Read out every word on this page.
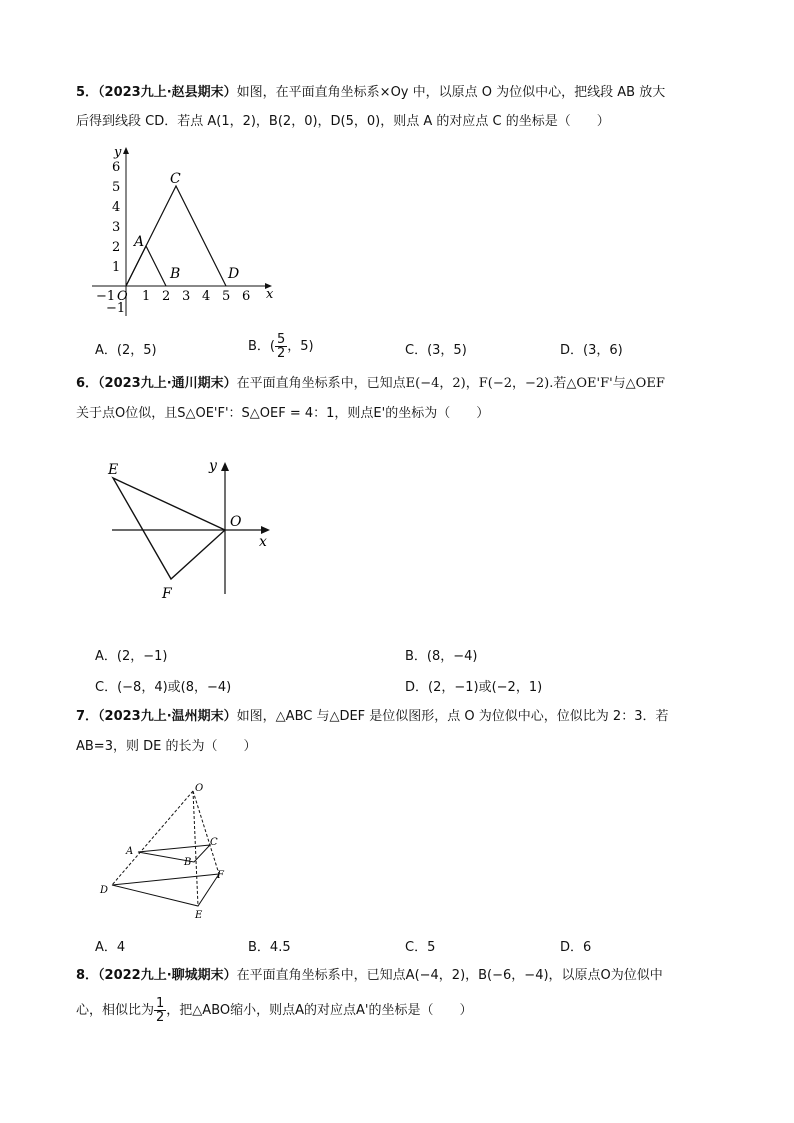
5．（2023九上·赵县期末）如图，在平面直角坐标系×Oy 中，以原点 O 为位似中心，把线段 AB 放大
后得到线段 CD．若点 A(1，2)，B(2，0)，D(5，0)，则点 A 的对应点 C 的坐标是（　　）
x
y
O
−1 1 2 3 4 5 6
6
5
4
3
2
1
−1
A
B
C
D
A．(2，5)	B．( $\frac{5}{2}$ ，5)	C．(3，5)	D．(3，6)
6．（2023九上·通川期末）在平面直角坐标系中，已知点E(−4，2)，F(−2，−2).若△OE'F'与△OEF
关于点O位似，且S△OE'F'：S△OEF = 4：1，则点E'的坐标为（　　）
E
F
O
x
y
A．(2，−1)	B．(8，−4)
C．(−8，4)或(8，−4)	D．(2，−1)或(−2，1)
7．（2023九上·温州期末）如图，△ABC 与△DEF 是位似图形，点 O 为位似中心，位似比为 2：3．若
AB=3，则 DE 的长为（　　）
O
A
B
C
D
E
F
A．4	B．4.5	C．5	D．6
8．（2022九上·聊城期末）在平面直角坐标系中，已知点A(−4，2)，B(−6，−4)，以原点O为位似中
心，相似比为 $\frac{1}{2}$ ，把△ABO缩小，则点A的对应点A'的坐标是（　　）
